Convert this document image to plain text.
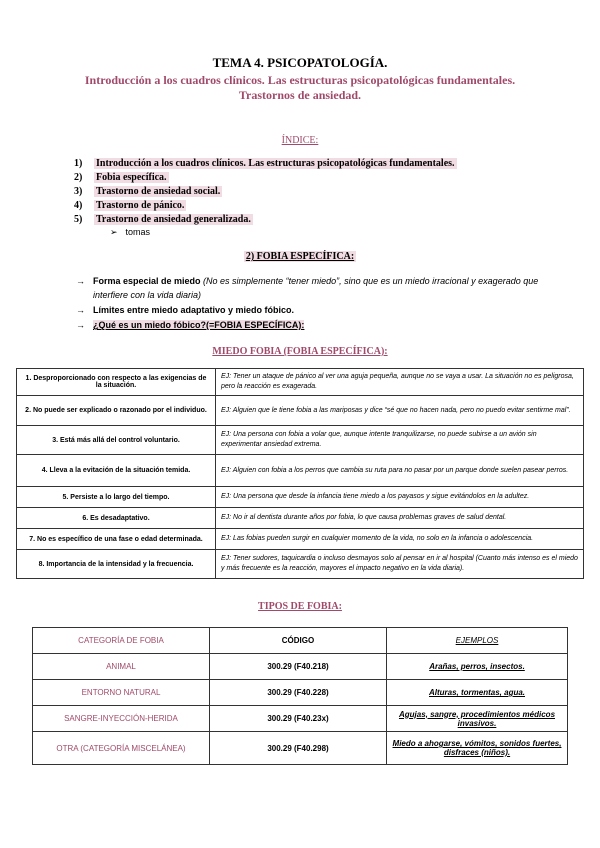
TEMA 4. PSICOPATOLOGÍA.
Introducción a los cuadros clínicos. Las estructuras psicopatológicas fundamentales.
Trastornos de ansiedad.
ÍNDICE:
1) Introducción a los cuadros clínicos. Las estructuras psicopatológicas fundamentales.
2) Fobia específica.
3) Trastorno de ansiedad social.
4) Trastorno de pánico.
5) Trastorno de ansiedad generalizada.
➢ tomas
2) FOBIA ESPECÍFICA:
→ Forma especial de miedo (No es simplemente “tener miedo”, sino que es un miedo irracional y exagerado que interfiere con la vida diaria)
→ Límites entre miedo adaptativo y miedo fóbico.
→ ¿Qué es un miedo fóbico?(=FOBIA ESPECÍFICA):
MIEDO FOBIA (FOBIA ESPECÍFICA):
1. Desproporcionado con respecto a las exigencias de la situación.	EJ: Tener un ataque de pánico al ver una aguja pequeña, aunque no se vaya a usar. La situación no es peligrosa, pero la reacción es exagerada.
2. No puede ser explicado o razonado por el individuo.	EJ: Alguien que le tiene fobia a las mariposas y dice “sé que no hacen nada, pero no puedo evitar sentirme mal”.
3. Está más allá del control voluntario.	EJ: Una persona con fobia a volar que, aunque intente tranquilizarse, no puede subirse a un avión sin experimentar ansiedad extrema.
4. Lleva a la evitación de la situación temida.	EJ: Alguien con fobia a los perros que cambia su ruta para no pasar por un parque donde suelen pasear perros.
5. Persiste a lo largo del tiempo.	EJ: Una persona que desde la infancia tiene miedo a los payasos y sigue evitándolos en la adultez.
6. Es desadaptativo.	EJ: No ir al dentista durante años por fobia, lo que causa problemas graves de salud dental.
7. No es específico de una fase o edad determinada.	EJ: Las fobias pueden surgir en cualquier momento de la vida, no solo en la infancia o adolescencia.
8. Importancia de la intensidad y la frecuencia.	EJ: Tener sudores, taquicardia o incluso desmayos solo al pensar en ir al hospital (Cuanto más intenso es el miedo y más frecuente es la reacción, mayores el impacto negativo en la vida diaria).
TIPOS DE FOBIA:
CATEGORÍA DE FOBIA	CÓDIGO	EJEMPLOS
ANIMAL	300.29 (F40.218)	Arañas, perros, insectos.
ENTORNO NATURAL	300.29 (F40.228)	Alturas, tormentas, agua.
SANGRE-INYECCIÓN-HERIDA	300.29 (F40.23x)	Agujas, sangre, procedimientos médicos invasivos.
OTRA (CATEGORÍA MISCELÁNEA)	300.29 (F40.298)	Miedo a ahogarse, vómitos, sonidos fuertes, disfraces (niños).
